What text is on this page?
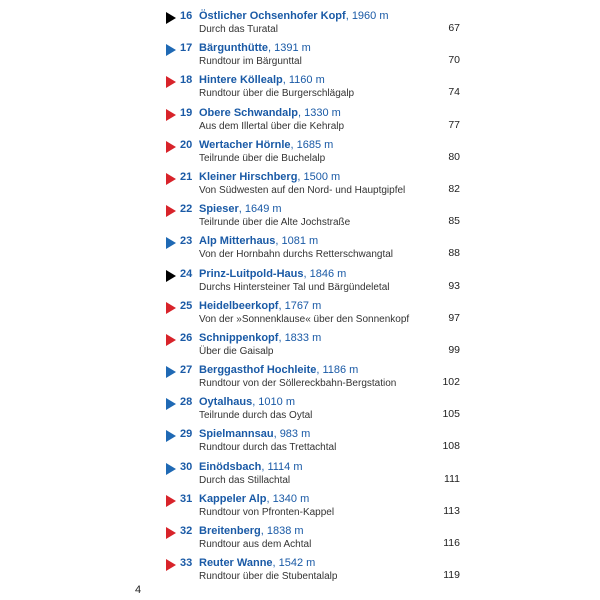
16 Östlicher Ochsenhofer Kopf, 1960 m
Durch das Turatal	67
17 Bärgunthütte, 1391 m
Rundtour im Bärgunttal	70
18 Hintere Köllealp, 1160 m
Rundtour über die Burgerschlägalp	74
19 Obere Schwandalp, 1330 m
Aus dem Illertal über die Kehralp	77
20 Wertacher Hörnle, 1685 m
Teilrunde über die Buchelalp	80
21 Kleiner Hirschberg, 1500 m
Von Südwesten auf den Nord- und Hauptgipfel	82
22 Spieser, 1649 m
Teilrunde über die Alte Jochstraße	85
23 Alp Mitterhaus, 1081 m
Von der Hornbahn durchs Retterschwangtal	88
24 Prinz-Luitpold-Haus, 1846 m
Durchs Hintersteiner Tal und Bärgündeletal	93
25 Heidelbeerkopf, 1767 m
Von der »Sonnenklause« über den Sonnenkopf	97
26 Schnippenkopf, 1833 m
Über die Gaisalp	99
27 Berggasthof Hochleite, 1186 m
Rundtour von der Söllereckbahn-Bergstation	102
28 Oytalhaus, 1010 m
Teilrunde durch das Oytal	105
29 Spielmannsau, 983 m
Rundtour durch das Trettachtal	108
30 Einödsbach, 1114 m
Durch das Stillachtal	111
31 Kappeler Alp, 1340 m
Rundtour von Pfronten-Kappel	113
32 Breitenberg, 1838 m
Rundtour aus dem Achtal	116
33 Reuter Wanne, 1542 m
Rundtour über die Stubentalalp	119
4
